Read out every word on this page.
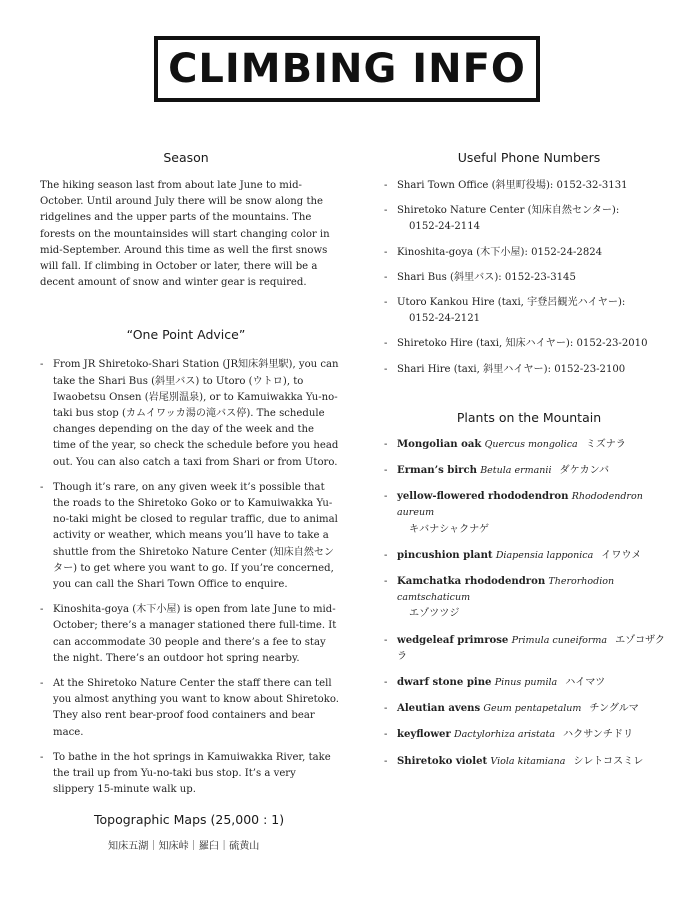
CLIMBING INFO
Season

The hiking season last from about late June to mid-October. Until around July there will be snow along the ridgelines and the upper parts of the mountains. The forests on the mountainsides will start changing color in mid-September. Around this time as well the first snows will fall. If climbing in October or later, there will be a decent amount of snow and winter gear is required.

“One Point Advice”
- From JR Shiretoko-Shari Station (JR知床斜里駅), you can take the Shari Bus (斜里バス) to Utoro (ウトロ), to Iwaobetsu Onsen (岩尾別温泉), or to Kamuiwakka Yu-no-taki bus stop (カムイワッカ湯の滝バス停). The schedule changes depending on the day of the week and the time of the year, so check the schedule before you head out. You can also catch a taxi from Shari or from Utoro.
- Though it’s rare, on any given week it’s possible that the roads to the Shiretoko Goko or to Kamuiwakka Yu-no-taki might be closed to regular traffic, due to animal activity or weather, which means you’ll have to take a shuttle from the Shiretoko Nature Center (知床自然センター) to get where you want to go. If you’re concerned, you can call the Shari Town Office to enquire.
- Kinoshita-goya (木下小屋) is open from late June to mid-October; there’s a manager stationed there full-time. It can accommodate 30 people and there’s a fee to stay the night. There’s an outdoor hot spring nearby.
- At the Shiretoko Nature Center the staff there can tell you almost anything you want to know about Shiretoko. They also rent bear-proof food containers and bear mace.
- To bathe in the hot springs in Kamuiwakka River, take the trail up from Yu-no-taki bus stop. It’s a very slippery 15-minute walk up.
Useful Phone Numbers
- Shari Town Office (斜里町役場): 0152-32-3131
- Shiretoko Nature Center (知床自然センター):
0152-24-2114
- Kinoshita-goya (木下小屋): 0152-24-2824
- Shari Bus (斜里バス): 0152-23-3145
- Utoro Kankou Hire (taxi, 宇登呂観光ハイヤー):
0152-24-2121
- Shiretoko Hire (taxi, 知床ハイヤー): 0152-23-2010
- Shari Hire (taxi, 斜里ハイヤー): 0152-23-2100
Plants on the Mountain
- Mongolian oak Quercus mongolica ミズナラ
- Erman’s birch Betula ermanii ダケカンバ
- yellow-flowered rhododendron Rhododendron aureum
キバナシャクナゲ
- pincushion plant Diapensia lapponica イワウメ
- Kamchatka rhododendron Therorhodion camtschaticum
エゾツツジ
- wedgeleaf primrose Primula cuneiforma エゾコザクラ
- dwarf stone pine Pinus pumila ハイマツ
- Aleutian avens Geum pentapetalum チングルマ
- keyflower Dactylorhiza aristata ハクサンチドリ
- Shiretoko violet Viola kitamiana シレトコスミレ
Topographic Maps (25,000 : 1)
知床五湖｜知床峠｜羅臼｜硫黄山
